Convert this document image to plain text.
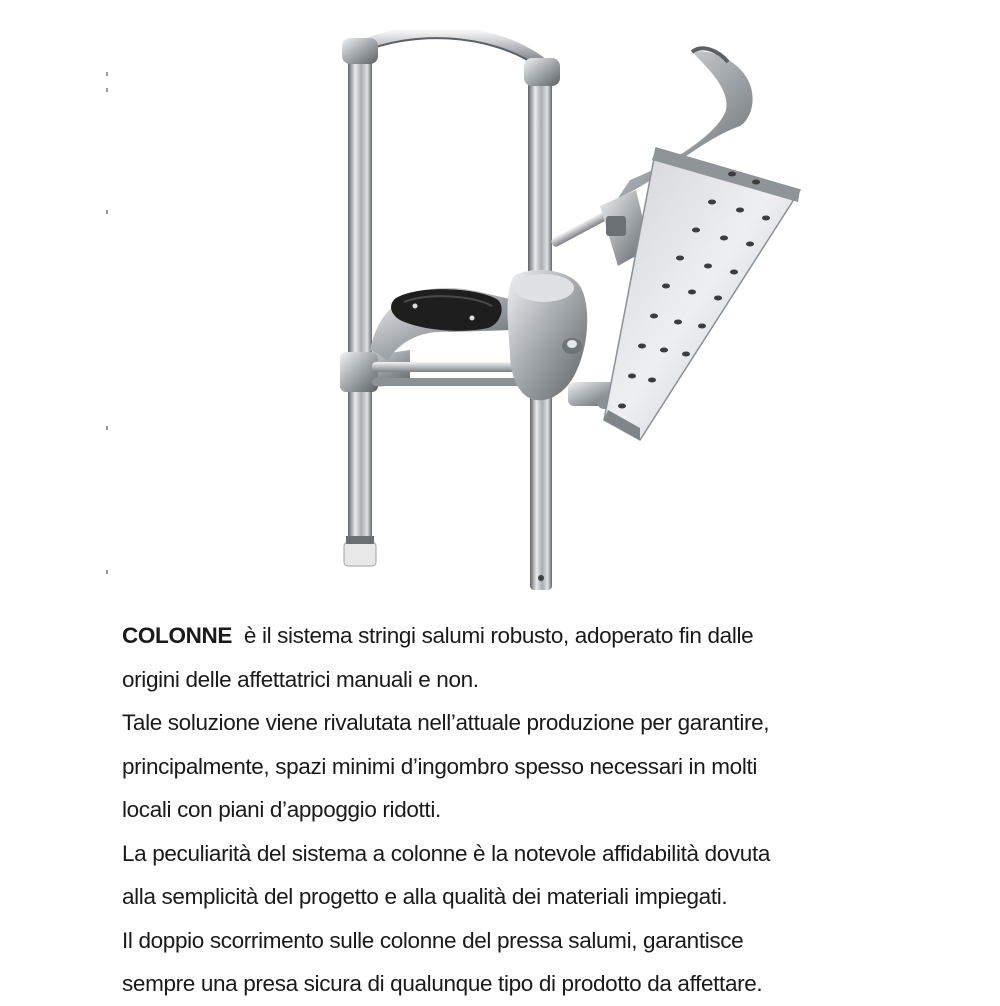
COLONNE è il sistema stringi salumi robusto, adoperato fin dalle
origini delle affettatrici manuali e non.
Tale soluzione viene rivalutata nell’attuale produzione per garantire,
principalmente, spazi minimi d’ingombro spesso necessari in molti
locali con piani d’appoggio ridotti.
La peculiarità del sistema a colonne è la notevole affidabilità dovuta
alla semplicità del progetto e alla qualità dei materiali impiegati.
Il doppio scorrimento sulle colonne del pressa salumi, garantisce
sempre una presa sicura di qualunque tipo di prodotto da affettare.
